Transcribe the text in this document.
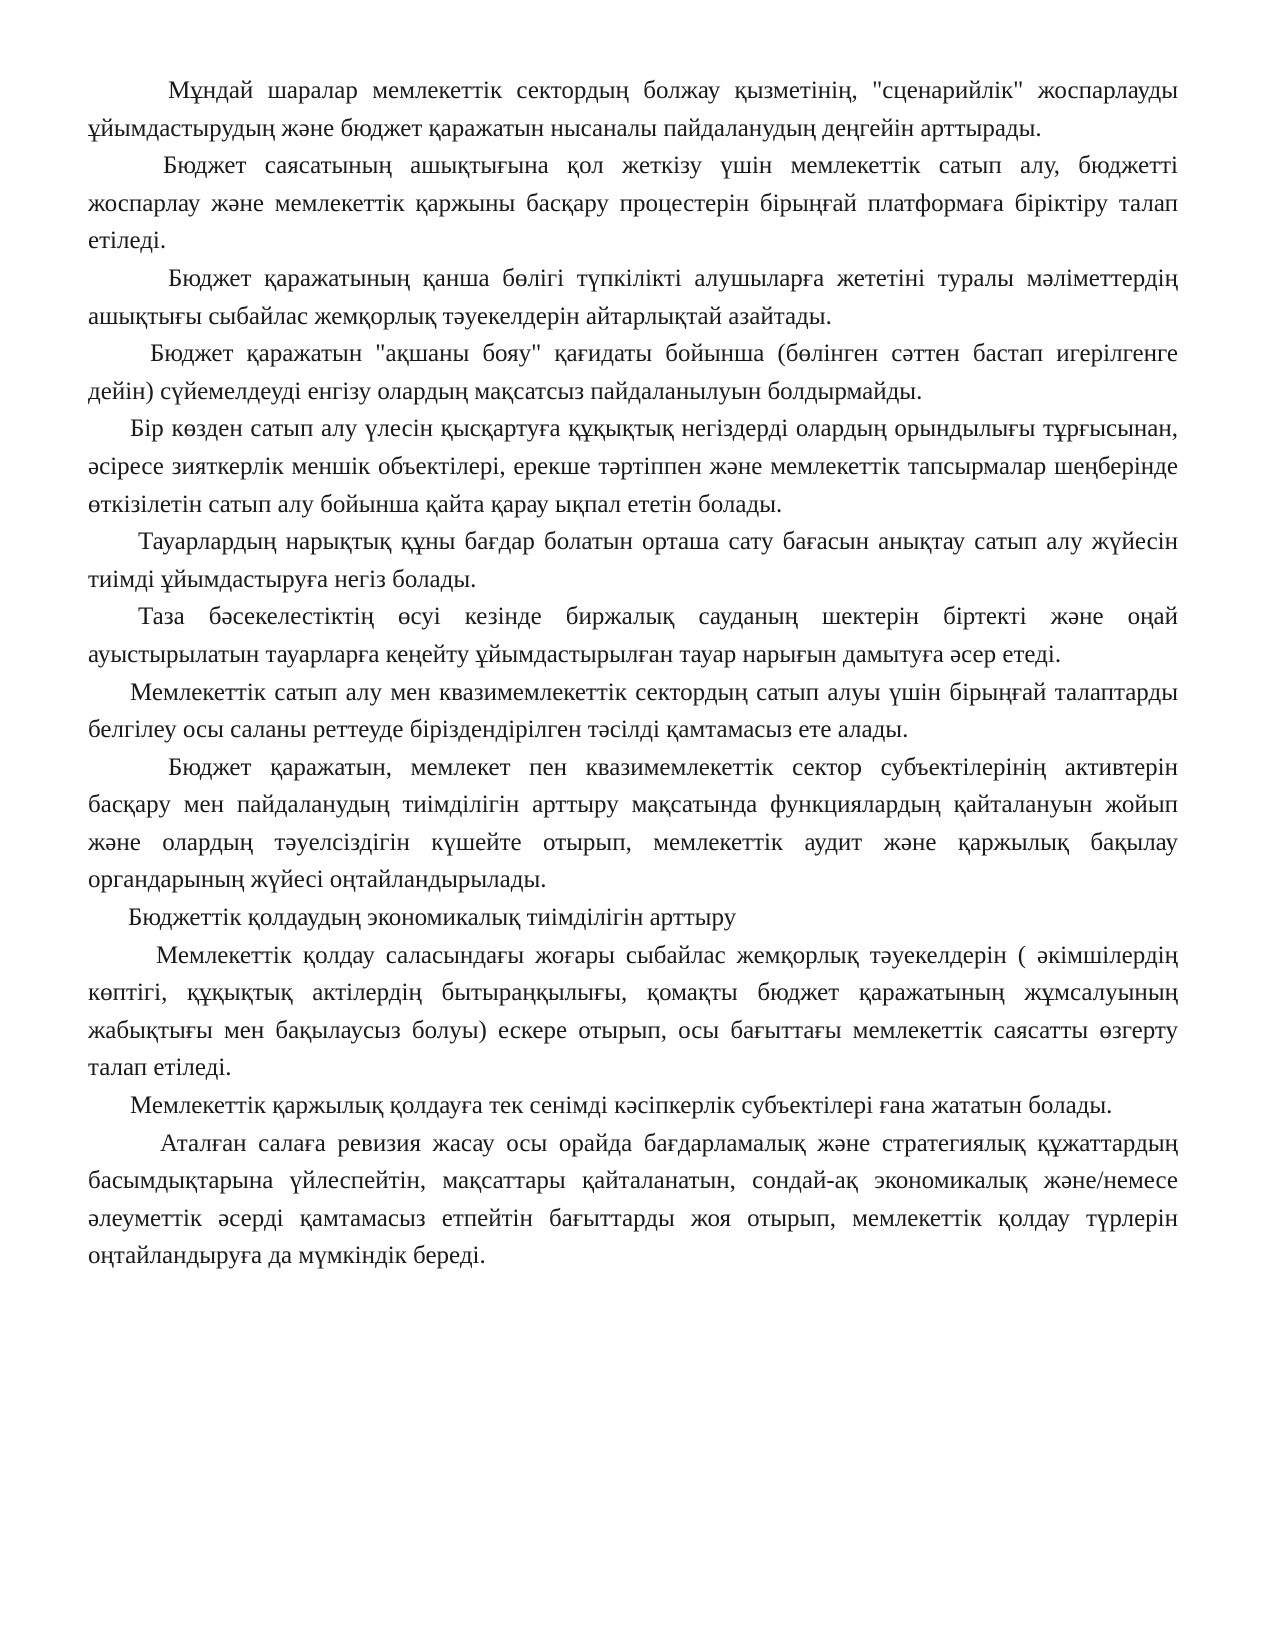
Мұндай шаралар мемлекеттік сектордың болжау қызметінің, "сценарийлік" жоспарлауды ұйымдастырудың және бюджет қаражатын нысаналы пайдаланудың деңгейін арттырады.

Бюджет саясатының ашықтығына қол жеткізу үшін мемлекеттік сатып алу, бюджетті жоспарлау және мемлекеттік қаржыны басқару процестерін бірыңғай платформаға біріктіру талап етіледі.

Бюджет қаражатының қанша бөлігі түпкілікті алушыларға жететіні туралы мәліметтердің ашықтығы сыбайлас жемқорлық тәуекелдерін айтарлықтай азайтады.

Бюджет қаражатын "ақшаны бояу" қағидаты бойынша (бөлінген сәттен бастап игерілгенге дейін) сүйемелдеуді енгізу олардың мақсатсыз пайдаланылуын болдырмайды.

Бір көзден сатып алу үлесін қысқартуға құқықтық негіздерді олардың орындылығы тұрғысынан, әсіресе зияткерлік меншік объектілері, ерекше тәртіппен және мемлекеттік тапсырмалар шеңберінде өткізілетін сатып алу бойынша қайта қарау ықпал ететін болады.

Тауарлардың нарықтық құны бағдар болатын орташа сату бағасын анықтау сатып алу жүйесін тиімді ұйымдастыруға негіз болады.

Таза бәсекелестіктің өсуі кезінде биржалық сауданың шектерін біртекті және оңай ауыстырылатын тауарларға кеңейту ұйымдастырылған тауар нарығын дамытуға әсер етеді.

Мемлекеттік сатып алу мен квазимемлекеттік сектордың сатып алуы үшін бірыңғай талаптарды белгілеу осы саланы реттеуде біріздендірілген тәсілді қамтамасыз ете алады.

Бюджет қаражатын, мемлекет пен квазимемлекеттік сектор субъектілерінің активтерін басқару мен пайдаланудың тиімділігін арттыру мақсатында функциялардың қайталануын жойып және олардың тәуелсіздігін күшейте отырып, мемлекеттік аудит және қаржылық бақылау органдарының жүйесі оңтайландырылады.

Бюджеттік қолдаудың экономикалық тиімділігін арттыру

Мемлекеттік қолдау саласындағы жоғары сыбайлас жемқорлық тәуекелдерін ( әкімшілердің көптігі, құқықтық актілердің бытыраңқылығы, қомақты бюджет қаражатының жұмсалуының жабықтығы мен бақылаусыз болуы) ескере отырып, осы бағыттағы мемлекеттік саясатты өзгерту талап етіледі.

Мемлекеттік қаржылық қолдауға тек сенімді кәсіпкерлік субъектілері ғана жататын болады.

Аталған салаға ревизия жасау осы орайда бағдарламалық және стратегиялық құжаттардың басымдықтарына үйлеспейтін, мақсаттары қайталанатын, сондай-ақ экономикалық және/немесе әлеуметтік әсерді қамтамасыз етпейтін бағыттарды жоя отырып, мемлекеттік қолдау түрлерін оңтайландыруға да мүмкіндік береді.
